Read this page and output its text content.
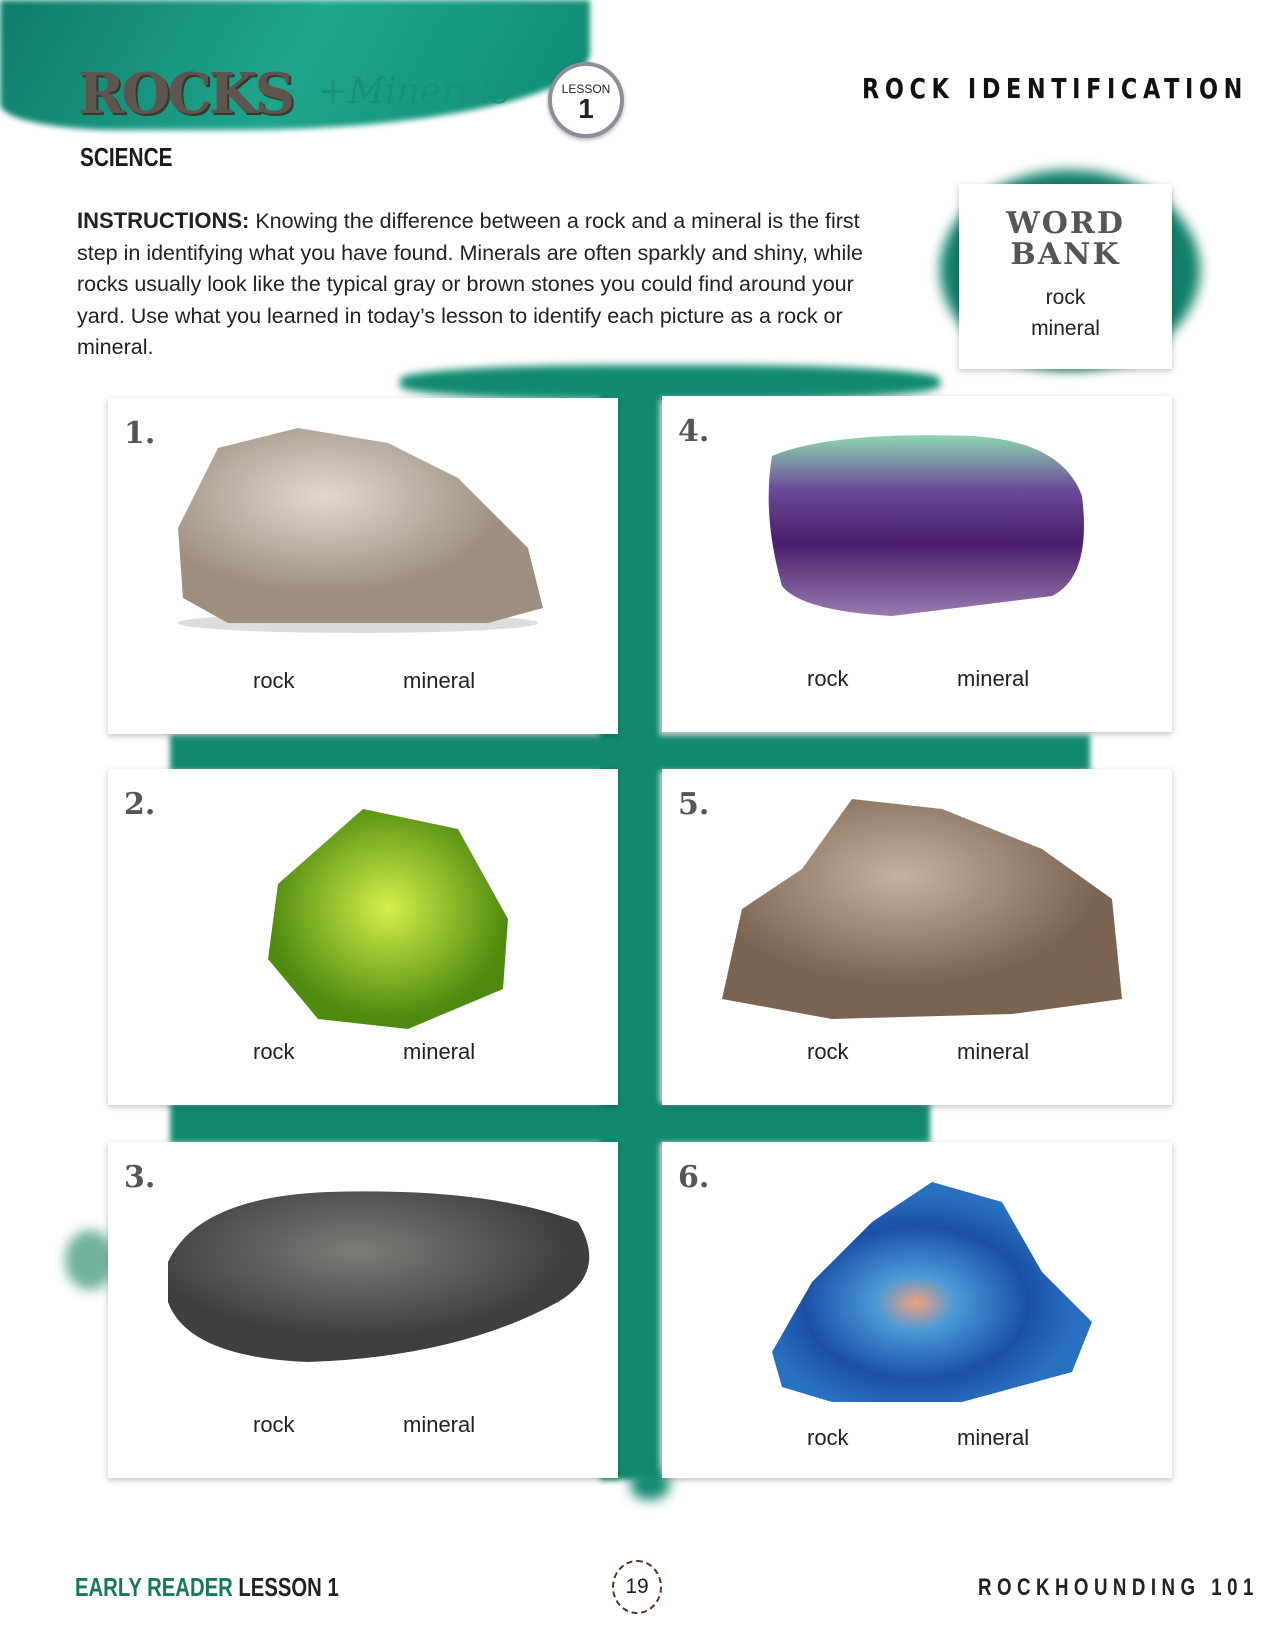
ROCKS +Minerals	LESSON
1
SCIENCE
ROCK IDENTIFICATION
INSTRUCTIONS: Knowing the difference between a rock and a mineral is the first step in identifying what you have found. Minerals are often sparkly and shiny, while rocks usually look like the typical gray or brown stones you could find around your yard. Use what you learned in today’s lesson to identify each picture as a rock or mineral.
WORD
BANK
rock
mineral
1.
rock	mineral
2.
rock	mineral
3.
rock	mineral
4.
rock	mineral
5.
rock	mineral
6.
rock	mineral
EARLY READER LESSON 1	19	ROCKHOUNDING 101
